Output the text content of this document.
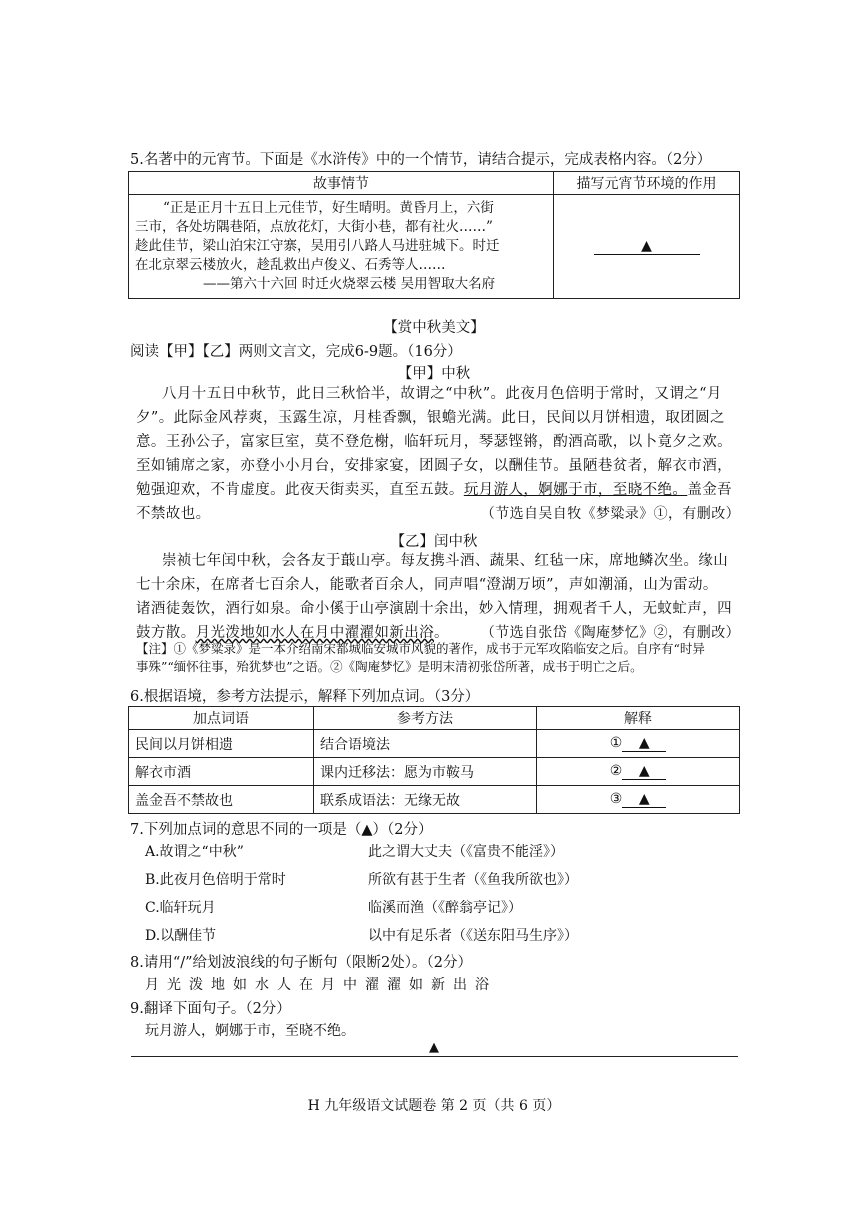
5.名著中的元宵节。下面是《水浒传》中的一个情节，请结合提示，完成表格内容。（2分）
故事情节	描写元宵节环境的作用

“正是正月十五日上元佳节，好生晴明。黄昏月上，六街
三市，各处坊隅巷陌，点放花灯，大街小巷，都有社火……”
趁此佳节，梁山泊宋江守寨，吴用引八路人马进驻城下。时迁
在北京翠云楼放火，趁乱救出卢俊义、石秀等人……
——第六十六回 时迁火烧翠云楼 吴用智取大名府	▲
【赏中秋美文】
阅读【甲】【乙】两则文言文，完成6-9题。（16分）
【甲】中秋
八月十五日中秋节，此日三秋恰半，故谓之“中秋”。此夜月色倍明于常时，又谓之“月
夕”。此际金风荐爽，玉露生凉，月桂香飘，银蟾光满。此日，民间以月饼相遗，取团圆之
意。王孙公子，富家巨室，莫不登危榭，临轩玩月，琴瑟铿锵，酌酒高歌，以卜竟夕之欢。
至如铺席之家，亦登小小月台，安排家宴，团圆子女，以酬佳节。虽陋巷贫者，解衣市酒，
勉强迎欢，不肯虚度。此夜天街卖买，直至五鼓。玩月游人，婀娜于市，至晓不绝。盖金吾
不禁故也。	（节选自吴自牧《梦粱录》①，有删改）
【乙】闰中秋
崇祯七年闰中秋，会各友于蕺山亭。每友携斗酒、蔬果、红毡一床，席地鳞次坐。缘山
七十余床，在席者七百余人，能歌者百余人，同声唱“澄湖万顷”，声如潮涌，山为雷动。
诸酒徒轰饮，酒行如泉。命小傒于山亭演剧十余出，妙入情理，拥观者千人，无蚊虻声，四
鼓方散。月光泼地如水人在月中濯濯如新出浴。 （节选自张岱《陶庵梦忆》②，有删改）
【注】①《梦粱录》是一本介绍南宋都城临安城市风貌的著作，成书于元军攻陷临安之后。自序有“时异
事殊”“缅怀往事，殆犹梦也”之语。②《陶庵梦忆》是明末清初张岱所著，成书于明亡之后。
6.根据语境，参考方法提示，解释下列加点词。（3分）
加点词语	参考方法	解释
民间以月饼相遗	结合语境法	① ▲
解衣市酒	课内迁移法：愿为市鞍马	② ▲
盖金吾不禁故也	联系成语法：无缘无故	③ ▲
7.下列加点词的意思不同的一项是（▲）（2分）
A.故谓之“中秋”	此之谓大丈夫（《富贵不能淫》）
B.此夜月色倍明于常时	所欲有甚于生者（《鱼我所欲也》）
C.临轩玩月	临溪而渔（《醉翁亭记》）
D.以酬佳节	以中有足乐者（《送东阳马生序》）
8.请用“/”给划波浪线的句子断句（限断2处）。（2分）
月光泼地如水人在月中濯濯如新出浴
9.翻译下面句子。（2分）
玩月游人，婀娜于市，至晓不绝。
▲
H 九年级语文试题卷 第 2 页（共 6 页）
